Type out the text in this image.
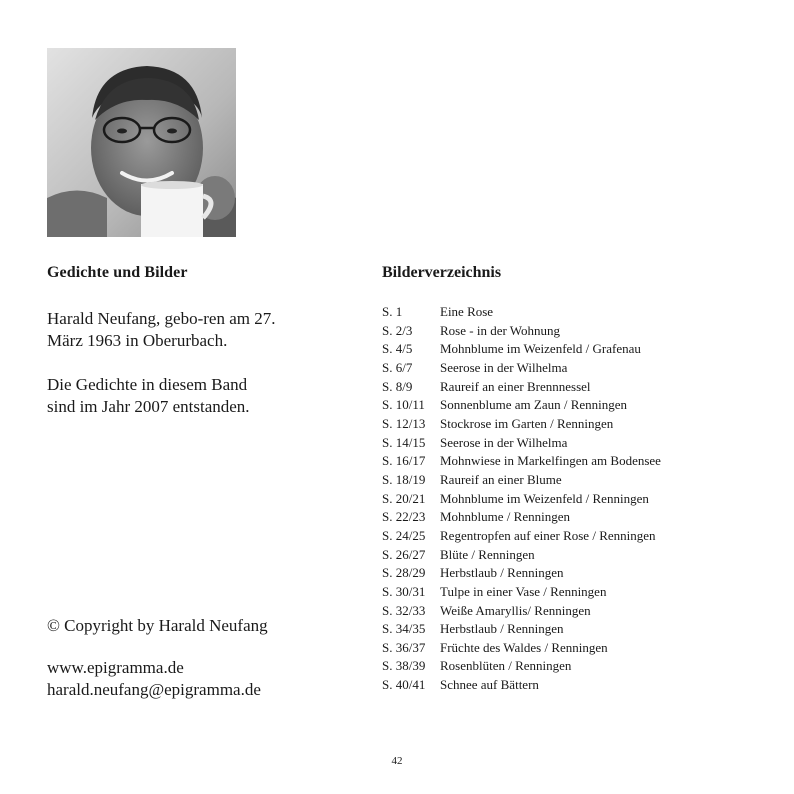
Gedichte und Bilder

Harald Neufang, gebo-ren am 27. März 1963 in Oberurbach.

Die Gedichte in diesem Band sind im Jahr 2007 entstanden.

© Copyright by Harald Neufang
www.epigramma.de
harald.neufang@epigramma.de
Bilderverzeichnis
S. 1	Eine Rose
S. 2/3	Rose - in der Wohnung
S. 4/5	Mohnblume im Weizenfeld / Grafenau
S. 6/7	Seerose in der Wilhelma
S. 8/9	Raureif an einer Brennnessel
S. 10/11	Sonnenblume am Zaun / Renningen
S. 12/13	Stockrose im Garten / Renningen
S. 14/15	Seerose in der Wilhelma
S. 16/17	Mohnwiese in Markelfingen am Bodensee
S. 18/19	Raureif an einer Blume
S. 20/21	Mohnblume im Weizenfeld / Renningen
S. 22/23	Mohnblume / Renningen
S. 24/25	Regentropfen auf einer Rose / Renningen
S. 26/27	Blüte / Renningen
S. 28/29	Herbstlaub / Renningen
S. 30/31	Tulpe in einer Vase / Renningen
S. 32/33	Weiße Amaryllis/ Renningen
S. 34/35	Herbstlaub / Renningen
S. 36/37	Früchte des Waldes / Renningen
S. 38/39	Rosenblüten / Renningen
S. 40/41	Schnee auf Bättern
42
